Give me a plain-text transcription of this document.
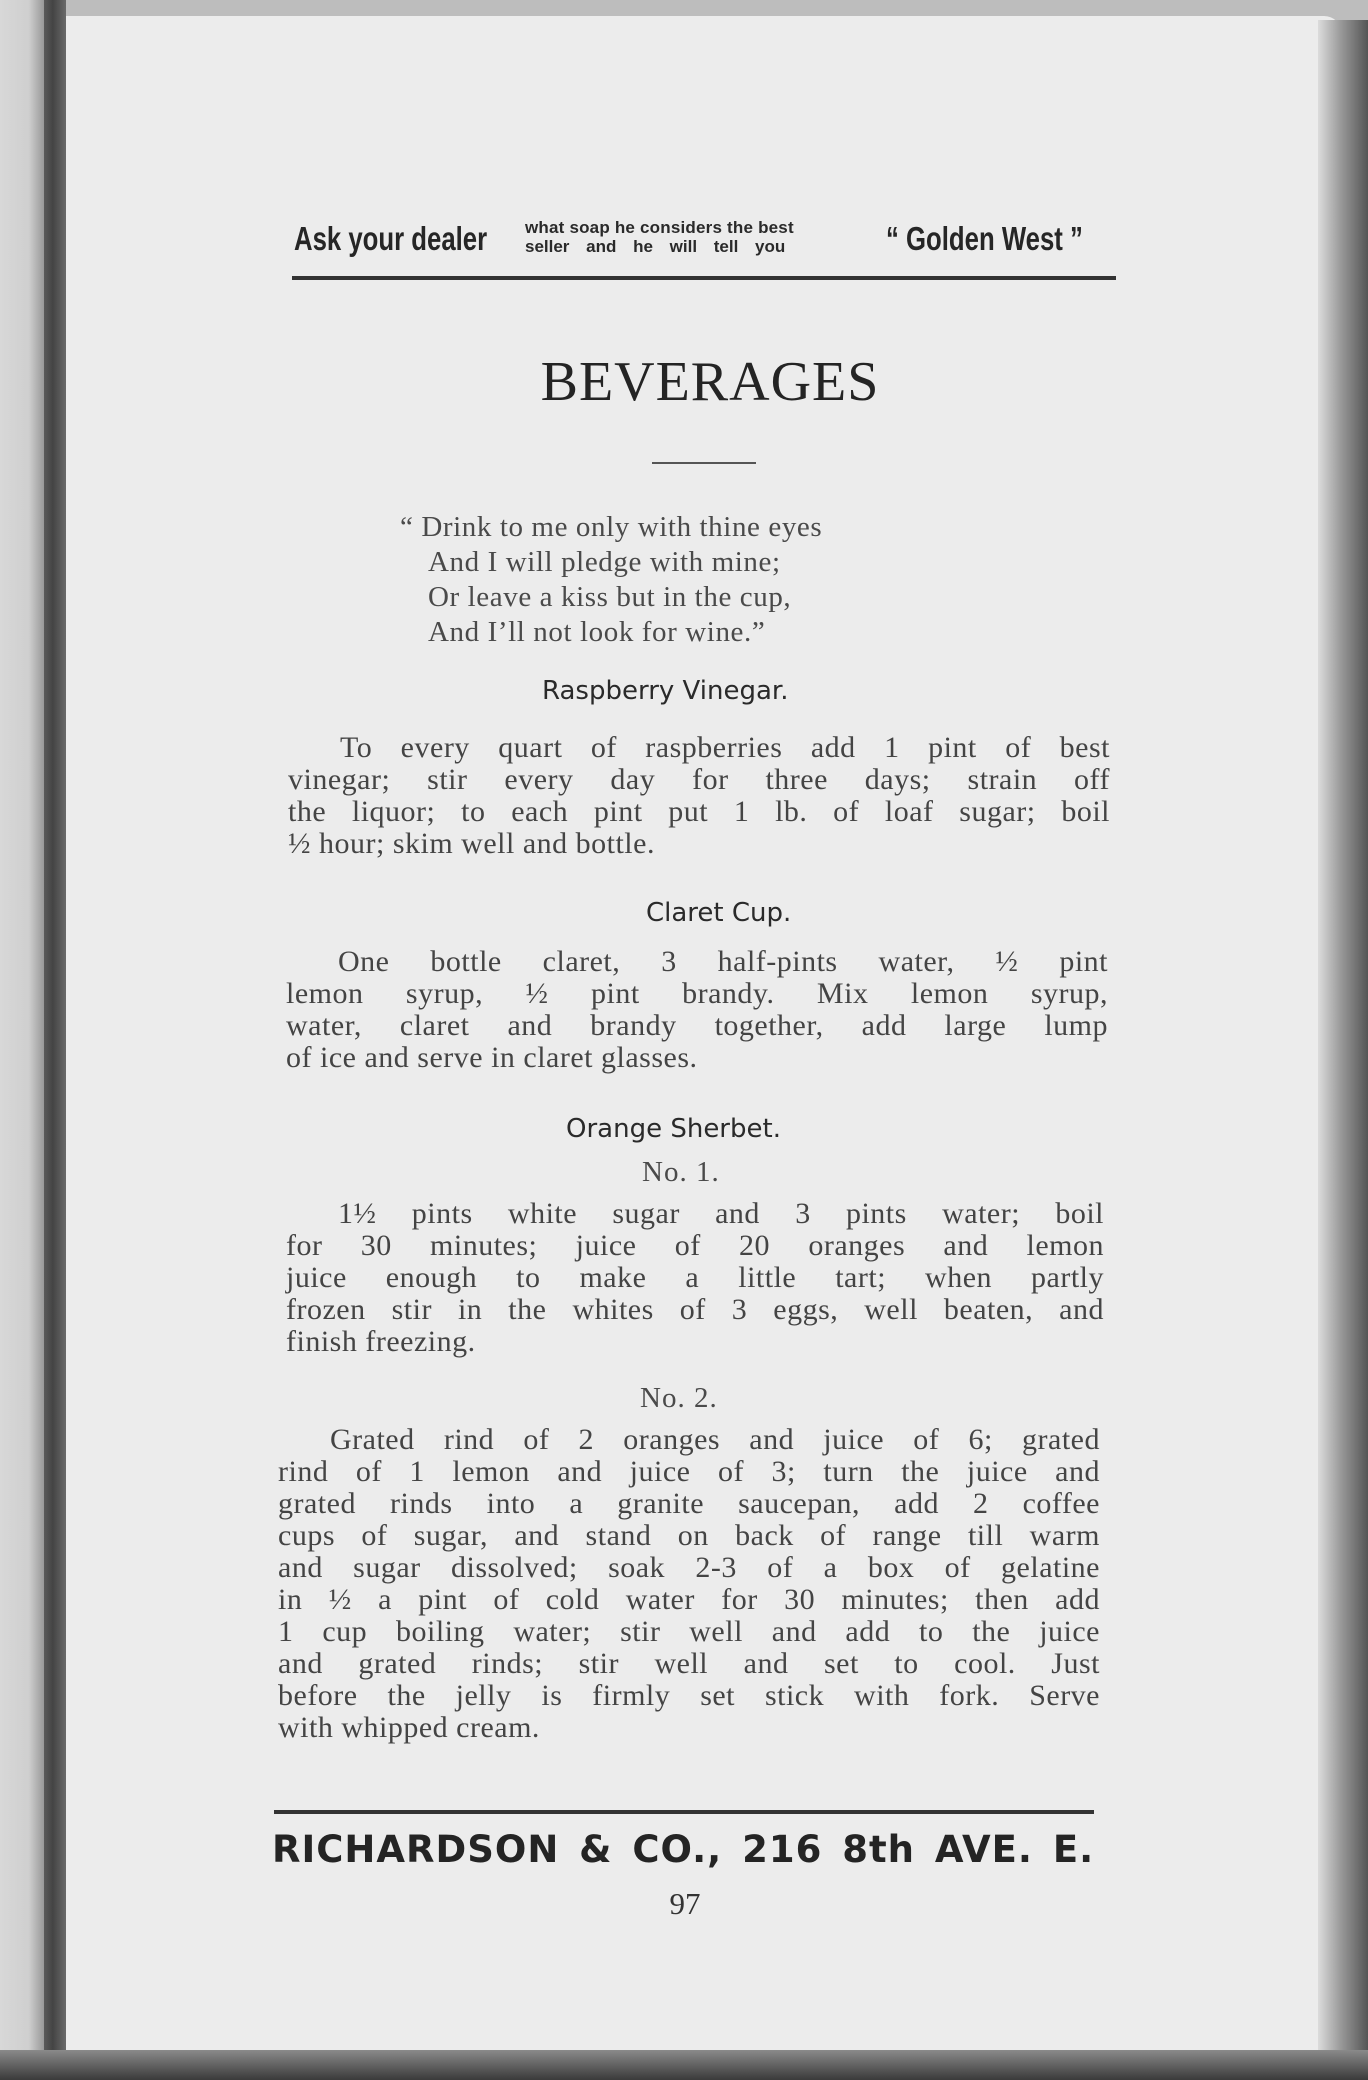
Ask your dealer what soap he considers the best
seller and he will tell you	“ Golden West ”
BEVERAGES
“ Drink to me only with thine eyes
And I will pledge with mine;
Or leave a kiss but in the cup,
And I’ll not look for wine.”
Raspberry Vinegar.
To every quart of raspberries add 1 pint of best
vinegar; stir every day for three days; strain off
the liquor; to each pint put 1 lb. of loaf sugar; boil
½ hour; skim well and bottle.
Claret Cup.
One bottle claret, 3 half-pints water, ½ pint
lemon syrup, ½ pint brandy. Mix lemon syrup,
water, claret and brandy together, add large lump
of ice and serve in claret glasses.
Orange Sherbet.
No. 1.
1½ pints white sugar and 3 pints water; boil
for 30 minutes; juice of 20 oranges and lemon
juice enough to make a little tart; when partly
frozen stir in the whites of 3 eggs, well beaten, and
finish freezing.
No. 2.
Grated rind of 2 oranges and juice of 6; grated
rind of 1 lemon and juice of 3; turn the juice and
grated rinds into a granite saucepan, add 2 coffee
cups of sugar, and stand on back of range till warm
and sugar dissolved; soak 2-3 of a box of gelatine
in ½ a pint of cold water for 30 minutes; then add
1 cup boiling water; stir well and add to the juice
and grated rinds; stir well and set to cool. Just
before the jelly is firmly set stick with fork. Serve
with whipped cream.
RICHARDSON & CO., 216 8th AVE. E.
97
